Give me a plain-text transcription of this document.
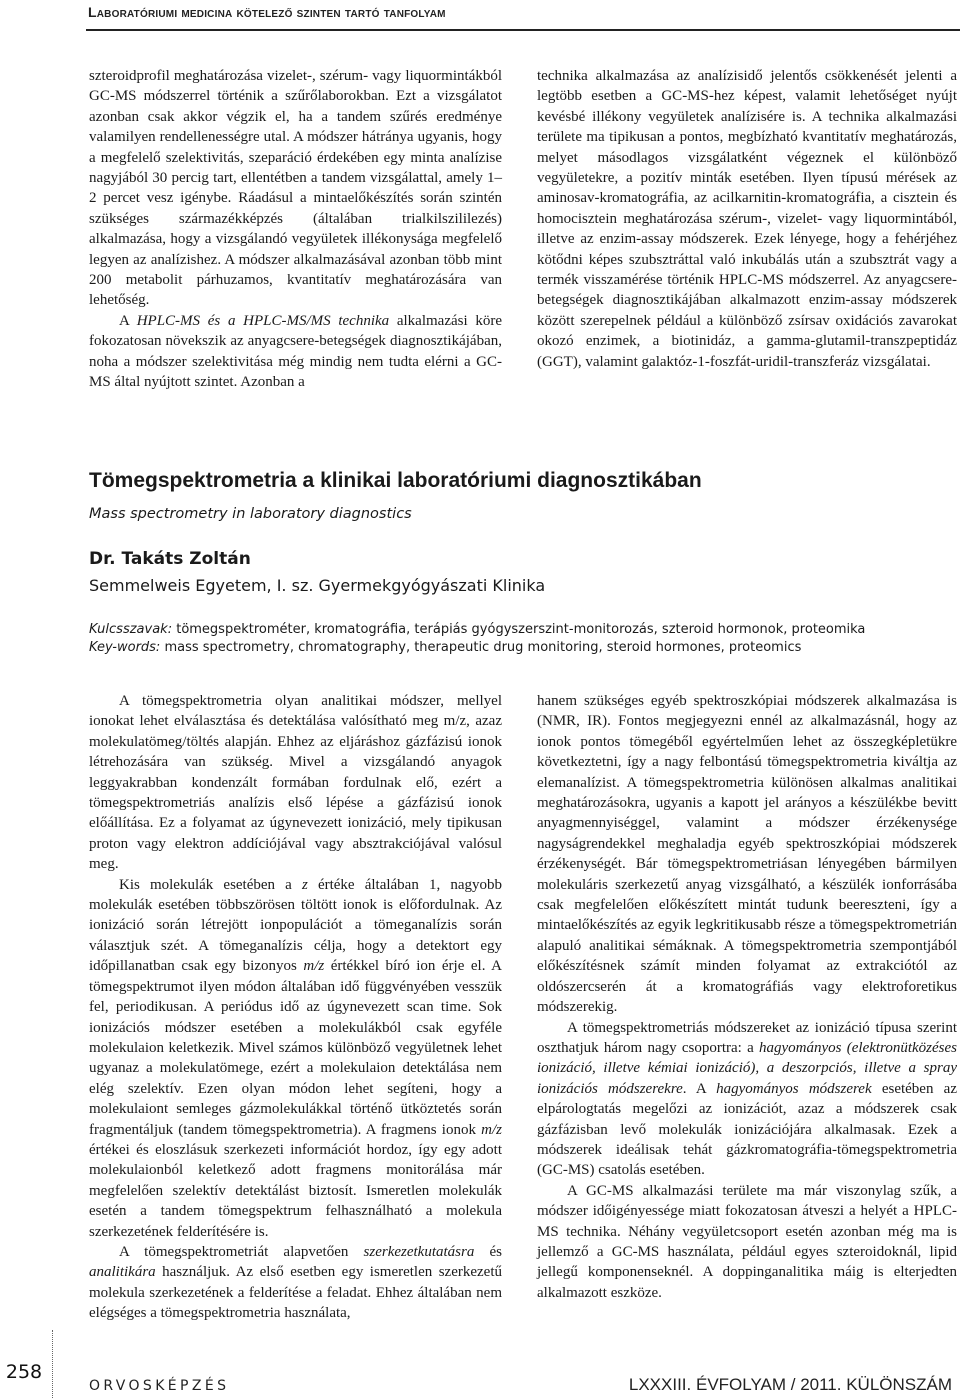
Laboratóriumi medicina kötelező szinten tartó tanfolyam

szteroidprofil meghatározása vizelet-, szérum- vagy liquormintákból GC-MS módszerrel történik a szűrőlaborokban. Ezt a vizsgálatot azonban csak akkor végzik el, ha a tandem szűrés eredménye valamilyen rendellenességre utal. A módszer hátránya ugyanis, hogy a megfelelő szelektivitás, szeparáció érdekében egy minta analízise nagyjából 30 percig tart, ellentétben a tandem vizsgálattal, amely 1–2 percet vesz igénybe. Ráadásul a mintaelőkészítés során szintén szükséges származékképzés (általában trialkilszililezés) alkalmazása, hogy a vizsgálandó vegyületek illékonysága megfelelő legyen az analízishez. A módszer alkalmazásával azonban több mint 200 metabolit párhuzamos, kvantitatív meghatározására van lehetőség.

A HPLC-MS és a HPLC-MS/MS technika alkalmazási köre fokozatosan növekszik az anyagcsere-betegségek diagnosztikájában, noha a módszer szelektivitása még mindig nem tudta elérni a GC-MS által nyújtott szintet. Azonban a

technika alkalmazása az analízisidő jelentős csökkenését jelenti a legtöbb esetben a GC-MS-hez képest, valamit lehetőséget nyújt kevésbé illékony vegyületek analízisére is. A technika alkalmazási területe ma tipikusan a pontos, megbízható kvantitatív meghatározás, melyet másodlagos vizsgálatként végeznek el különböző vegyületekre, a pozitív minták esetében. Ilyen típusú mérések az aminosav-kromatográfia, az acilkarnitin-kromatográfia, a cisztein és homocisztein meghatározása szérum-, vizelet- vagy liquormintából, illetve az enzim-assay módszerek. Ezek lényege, hogy a fehérjéhez kötődni képes szubsztráttal való inkubálás után a szubsztrát vagy a termék visszamérése történik HPLC-MS módszerrel. Az anyagcsere-betegségek diagnosztikájában alkalmazott enzim-assay módszerek között szerepelnek például a különböző zsírsav oxidációs zavarokat okozó enzimek, a biotinidáz, a gamma-glutamil-transzpeptidáz (GGT), valamint galaktóz-1-foszfát-uridil-transzferáz vizsgálatai.

Tömegspektrometria a klinikai laboratóriumi diagnosztikában
Mass spectrometry in laboratory diagnostics
Dr. Takáts Zoltán
Semmelweis Egyetem, I. sz. Gyermekgyógyászati Klinika
Kulcsszavak: tömegspektrométer, kromatográfia, terápiás gyógyszerszint-monitorozás, szteroid hormonok, proteomika
Key-words: mass spectrometry, chromatography, therapeutic drug monitoring, steroid hormones, proteomics

A tömegspektrometria olyan analitikai módszer, mellyel ionokat lehet elválasztása és detektálása valósítható meg m/z, azaz molekulatömeg/töltés alapján. Ehhez az eljáráshoz gázfázisú ionok létrehozására van szükség. Mivel a vizsgálandó anyagok leggyakrabban kondenzált formában fordulnak elő, ezért a tömegspektrometriás analízis első lépése a gázfázisú ionok előállítása. Ez a folyamat az úgynevezett ionizáció, mely tipikusan proton vagy elektron addíciójával vagy absztrakciójával valósul meg.

Kis molekulák esetében a z értéke általában 1, nagyobb molekulák esetében többszörösen töltött ionok is előfordulnak. Az ionizáció során létrejött ionpopulációt a tömeganalízis során választjuk szét. A tömeganalízis célja, hogy a detektort egy időpillanatban csak egy bizonyos m/z értékkel bíró ion érje el. A tömegspektrumot ilyen módon általában idő függvényében vesszük fel, periodikusan. A periódus idő az úgynevezett scan time. Sok ionizációs módszer esetében a molekulákból csak egyféle molekulaion keletkezik. Mivel számos különböző vegyületnek lehet ugyanaz a molekulatömege, ezért a molekulaion detektálása nem elég szelektív. Ezen olyan módon lehet segíteni, hogy a molekulaiont semleges gázmolekulákkal történő ütköztetés során fragmentáljuk (tandem tömegspektrometria). A fragmens ionok m/z értékei és eloszlásuk szerkezeti információt hordoz, így egy adott molekulaionból keletkező adott fragmens monitorálása már megfelelően szelektív detektálást biztosít. Ismeretlen molekulák esetén a tandem tömegspektrum felhasználható a molekula szerkezetének felderítésére is.

A tömegspektrometriát alapvetően szerkezetkutatásra és analitikára használjuk. Az első esetben egy ismeretlen szerkezetű molekula szerkezetének a felderítése a feladat. Ehhez általában nem elégséges a tömegspektrometria használata,

hanem szükséges egyéb spektroszkópiai módszerek alkalmazása is (NMR, IR). Fontos megjegyezni ennél az alkalmazásnál, hogy az ionok pontos tömegéből egyértelműen lehet az összegképletükre következtetni, így a nagy felbontású tömegspektrometria kiváltja az elemanalízist. A tömegspektrometria különösen alkalmas analitikai meghatározásokra, ugyanis a kapott jel arányos a készülékbe bevitt anyagmennyiséggel, valamint a módszer érzékenysége nagyságrendekkel meghaladja egyéb spektroszkópiai módszerek érzékenységét. Bár tömegspektrometriásan lényegében bármilyen molekuláris szerkezetű anyag vizsgálható, a készülék ionforrásába csak megfelelően előkészített mintát tudunk beereszteni, így a mintaelőkészítés az egyik legkritikusabb része a tömegspektrometrián alapuló analitikai sémáknak. A tömegspektrometria szempontjából előkészítésnek számít minden folyamat az extrakciótól az oldószercserén át a kromatográfiás vagy elektroforetikus módszerekig.

A tömegspektrometriás módszereket az ionizáció típusa szerint oszthatjuk három nagy csoportra: a hagyományos (elektronütközéses ionizáció, illetve kémiai ionizáció), a deszorpciós, illetve a spray ionizációs módszerekre. A hagyományos módszerek esetében az elpárologtatás megelőzi az ionizációt, azaz a módszerek csak gázfázisban levő molekulák ionizációjára alkalmasak. Ezek a módszerek ideálisak tehát gázkromatográfia-tömegspektrometria (GC-MS) csatolás esetében.

A GC-MS alkalmazási területe ma már viszonylag szűk, a módszer időigényessége miatt fokozatosan átveszi a helyét a HPLC-MS technika. Néhány vegyületcsoport esetén azonban még ma is jellemző a GC-MS használata, például egyes szteroidoknál, lipid jellegű komponenseknél. A doppinganalitika máig is elterjedten alkalmazott eszköze.

258
ORVOSKÉPZÉS	LXXXIII. ÉVFOLYAM / 2011. KÜLÖNSZÁM
